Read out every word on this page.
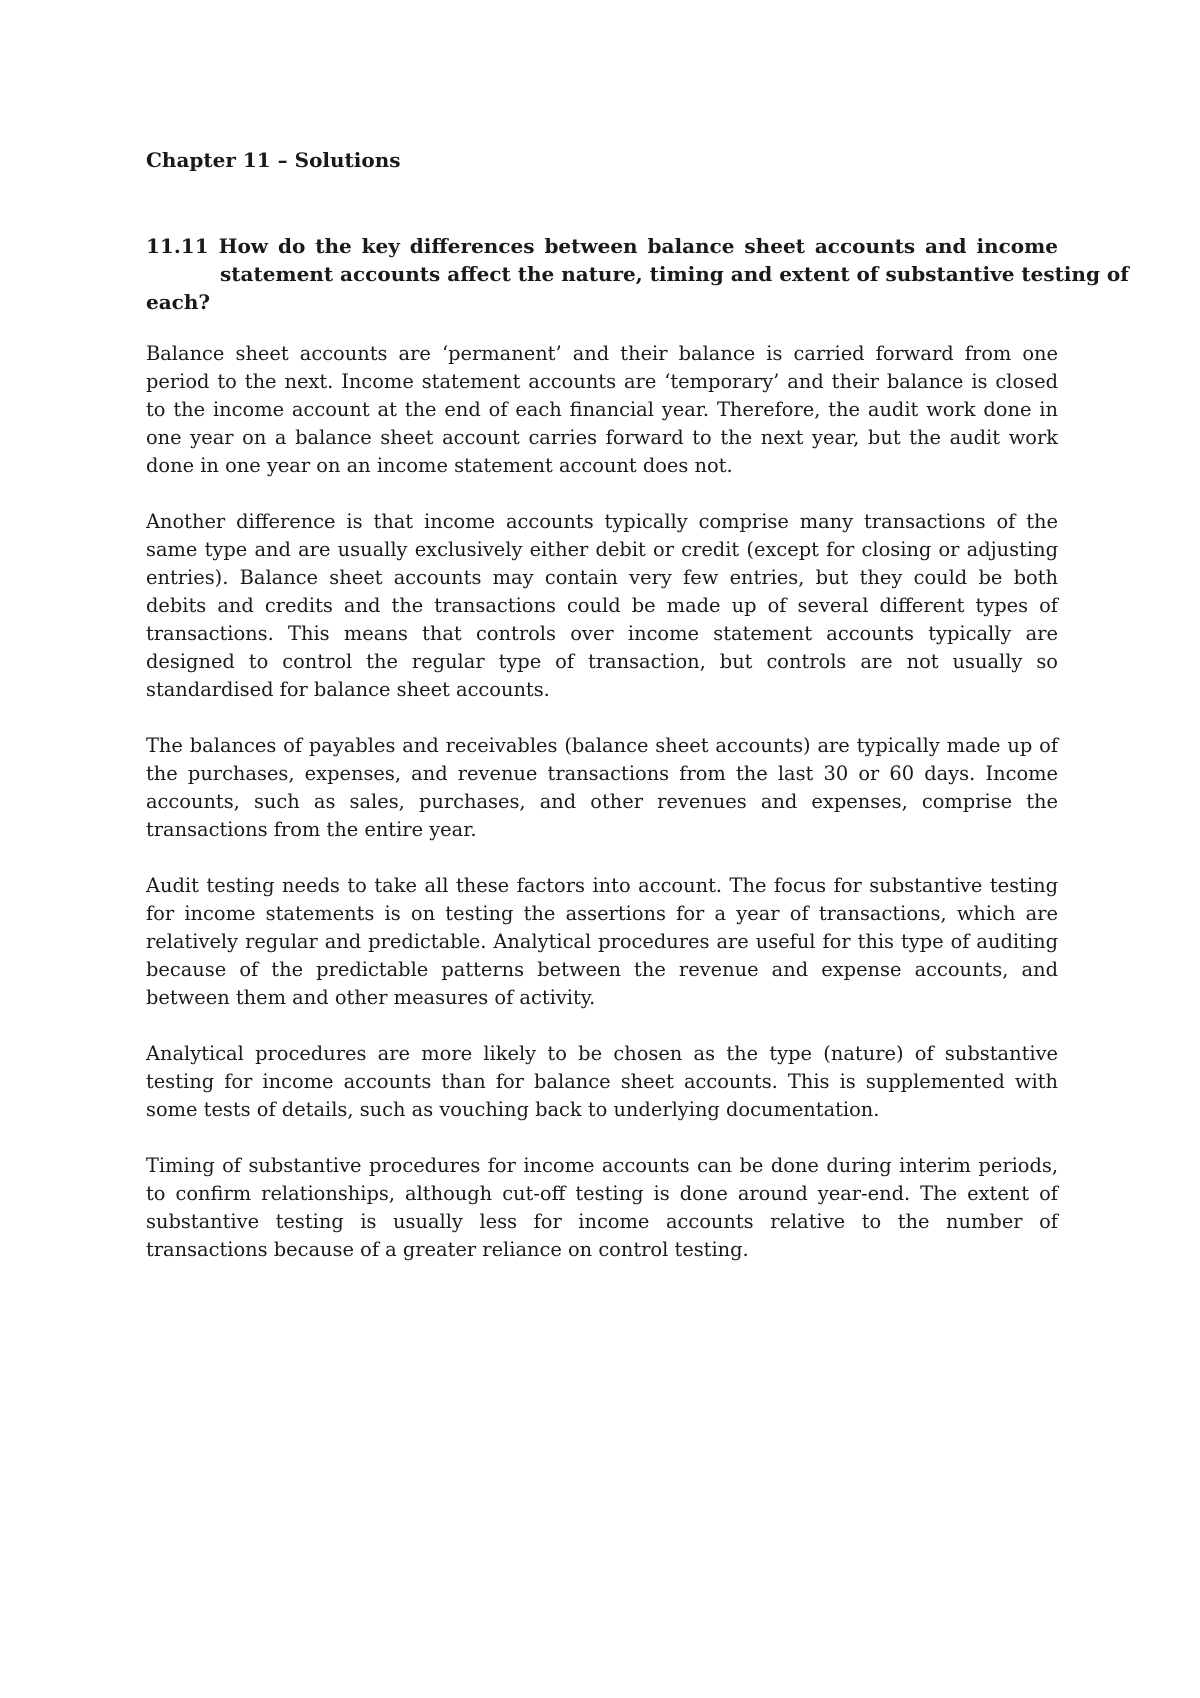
Chapter 11 – Solutions
11.11 How do the key differences between balance sheet accounts and income
statement accounts affect the nature, timing and extent of substantive testing of
each?

Balance sheet accounts are ‘permanent’ and their balance is carried forward from one period to the next. Income statement accounts are ‘temporary’ and their balance is closed to the income account at the end of each financial year. Therefore, the audit work done in one year on a balance sheet account carries forward to the next year, but the audit work done in one year on an income statement account does not.

Another difference is that income accounts typically comprise many transactions of the same type and are usually exclusively either debit or credit (except for closing or adjusting entries). Balance sheet accounts may contain very few entries, but they could be both debits and credits and the transactions could be made up of several different types of transactions. This means that controls over income statement accounts typically are designed to control the regular type of transaction, but controls are not usually so standardised for balance sheet accounts.

The balances of payables and receivables (balance sheet accounts) are typically made up of the purchases, expenses, and revenue transactions from the last 30 or 60 days. Income accounts, such as sales, purchases, and other revenues and expenses, comprise the transactions from the entire year.

Audit testing needs to take all these factors into account. The focus for substantive testing for income statements is on testing the assertions for a year of transactions, which are relatively regular and predictable. Analytical procedures are useful for this type of auditing because of the predictable patterns between the revenue and expense accounts, and between them and other measures of activity.

Analytical procedures are more likely to be chosen as the type (nature) of substantive testing for income accounts than for balance sheet accounts. This is supplemented with some tests of details, such as vouching back to underlying documentation.

Timing of substantive procedures for income accounts can be done during interim periods, to confirm relationships, although cut-off testing is done around year-end. The extent of substantive testing is usually less for income accounts relative to the number of transactions because of a greater reliance on control testing.
